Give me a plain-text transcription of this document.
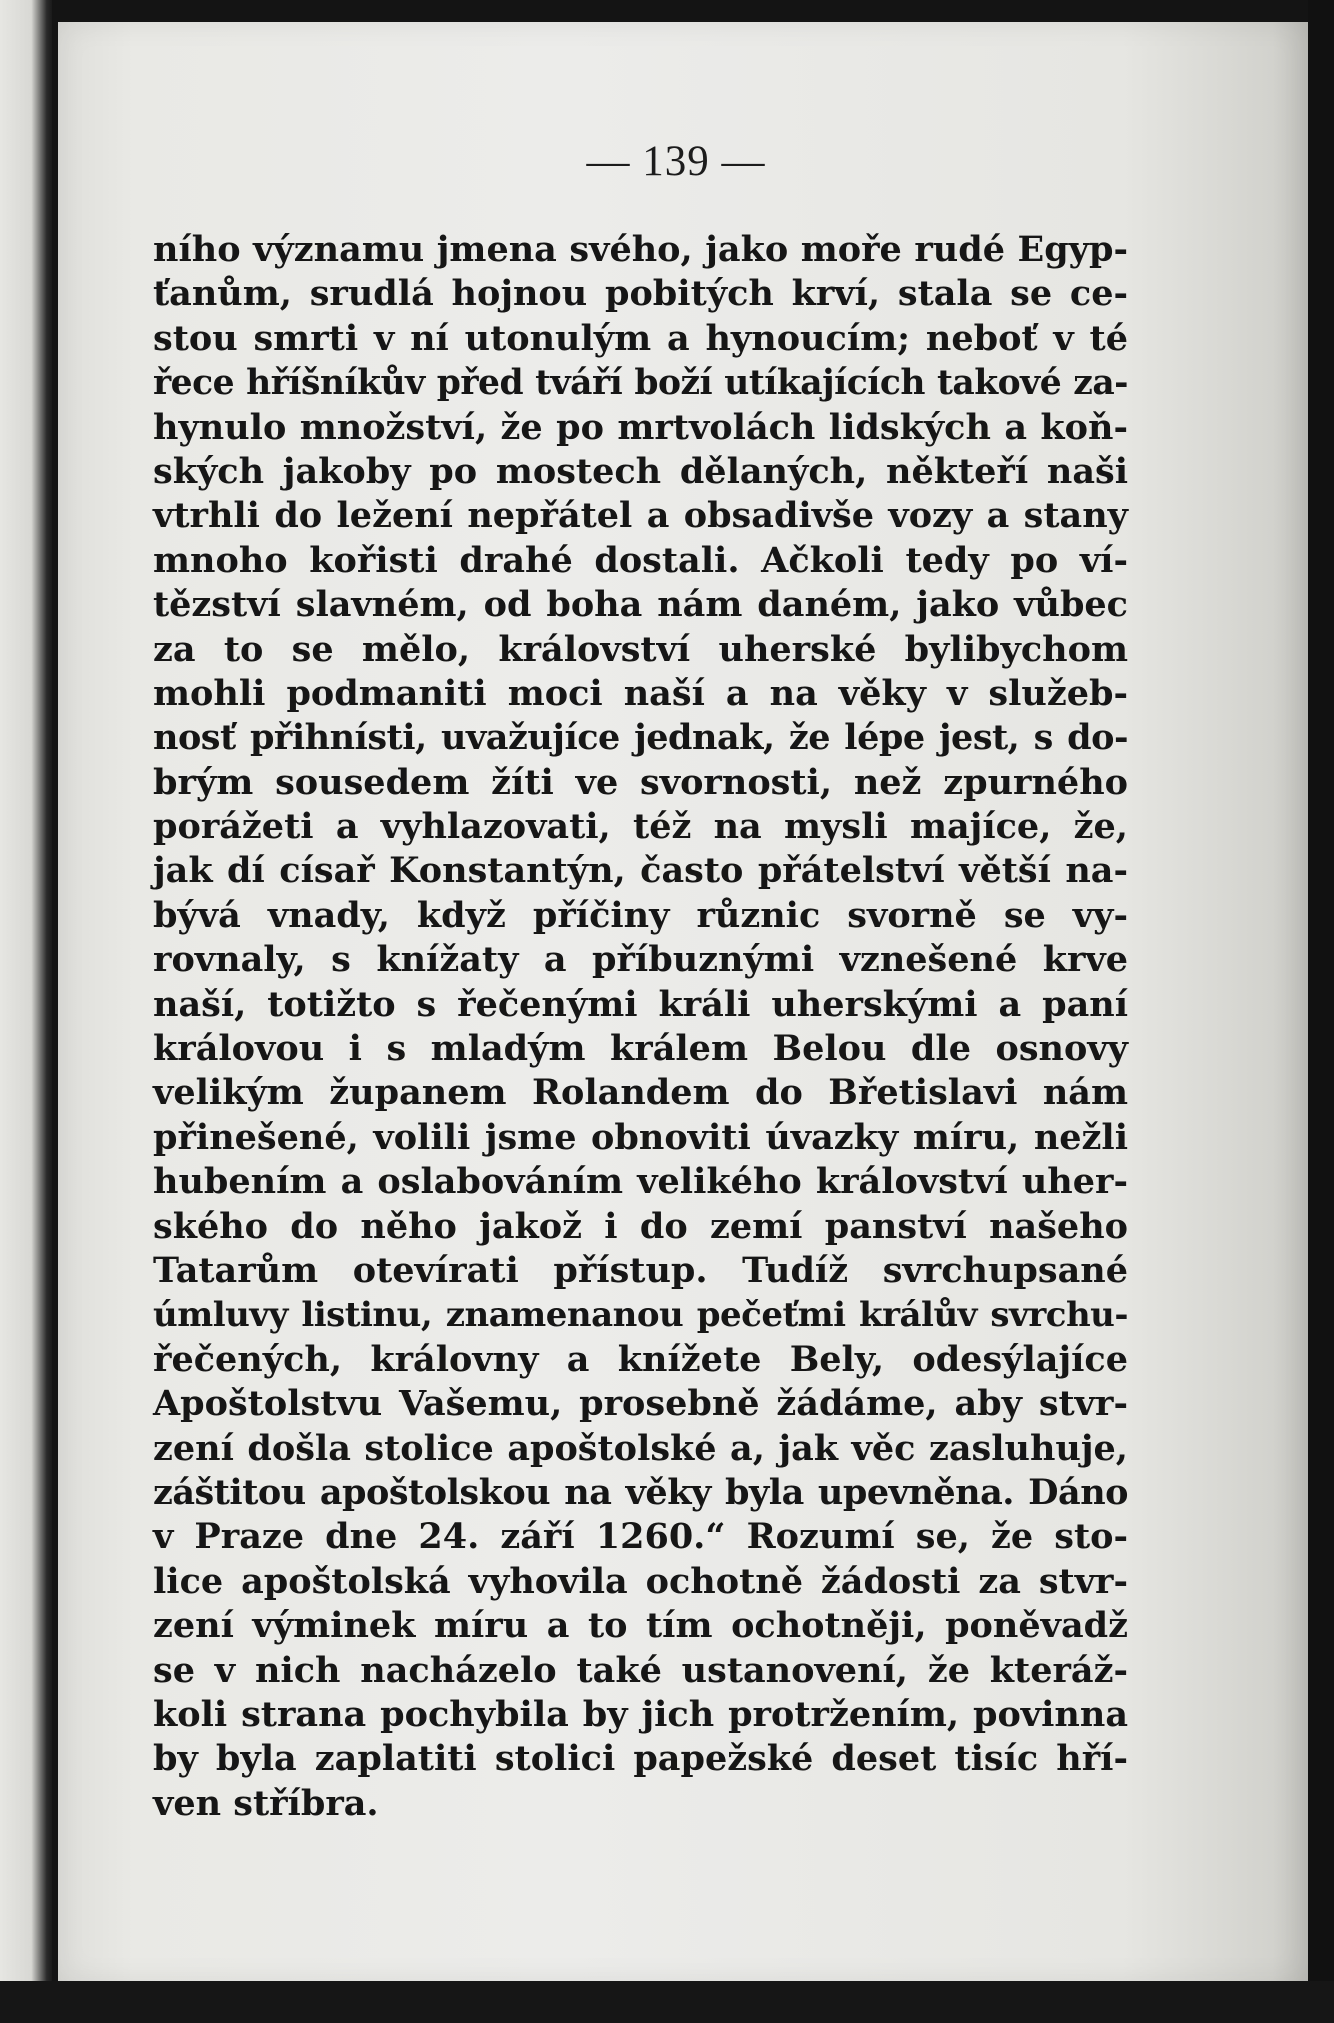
— 139 —
ního významu jmena svého, jako moře rudé Egyp-
ťanům, srudlá hojnou pobitých krví, stala se ce-
stou smrti v ní utonulým a hynoucím; neboť v té
řece hříšníkův před tváří boží utíkajících takové za-
hynulo množství, že po mrtvolách lidských a koň-
ských jakoby po mostech dělaných, někteří naši
vtrhli do ležení nepřátel a obsadivše vozy a stany
mnoho kořisti drahé dostali. Ačkoli tedy po ví-
tězství slavném, od boha nám daném, jako vůbec
za to se mělo, království uherské bylibychom
mohli podmaniti moci naší a na věky v služeb-
nosť přihnísti, uvažujíce jednak, že lépe jest, s do-
brým sousedem žíti ve svornosti, než zpurného
porážeti a vyhlazovati, též na mysli majíce, že,
jak dí císař Konstantýn, často přátelství větší na-
bývá vnady, když příčiny různic svorně se vy-
rovnaly, s knížaty a příbuznými vznešené krve
naší, totižto s řečenými králi uherskými a paní
královou i s mladým králem Belou dle osnovy
velikým županem Rolandem do Břetislavi nám
přinešené, volili jsme obnoviti úvazky míru, nežli
hubením a oslabováním velikého království uher-
ského do něho jakož i do zemí panství našeho
Tatarům otevírati přístup. Tudíž svrchupsané
úmluvy listinu, znamenanou pečeťmi králův svrchu-
řečených, královny a knížete Bely, odesýlajíce
Apoštolstvu Vašemu, prosebně žádáme, aby stvr-
zení došla stolice apoštolské a, jak věc zasluhuje,
záštitou apoštolskou na věky byla upevněna. Dáno
v Praze dne 24. září 1260.“ Rozumí se, že sto-
lice apoštolská vyhovila ochotně žádosti za stvr-
zení výminek míru a to tím ochotněji, poněvadž
se v nich nacházelo také ustanovení, že kteráž-
koli strana pochybila by jich protržením, povinna
by byla zaplatiti stolici papežské deset tisíc hří-
ven stříbra.
